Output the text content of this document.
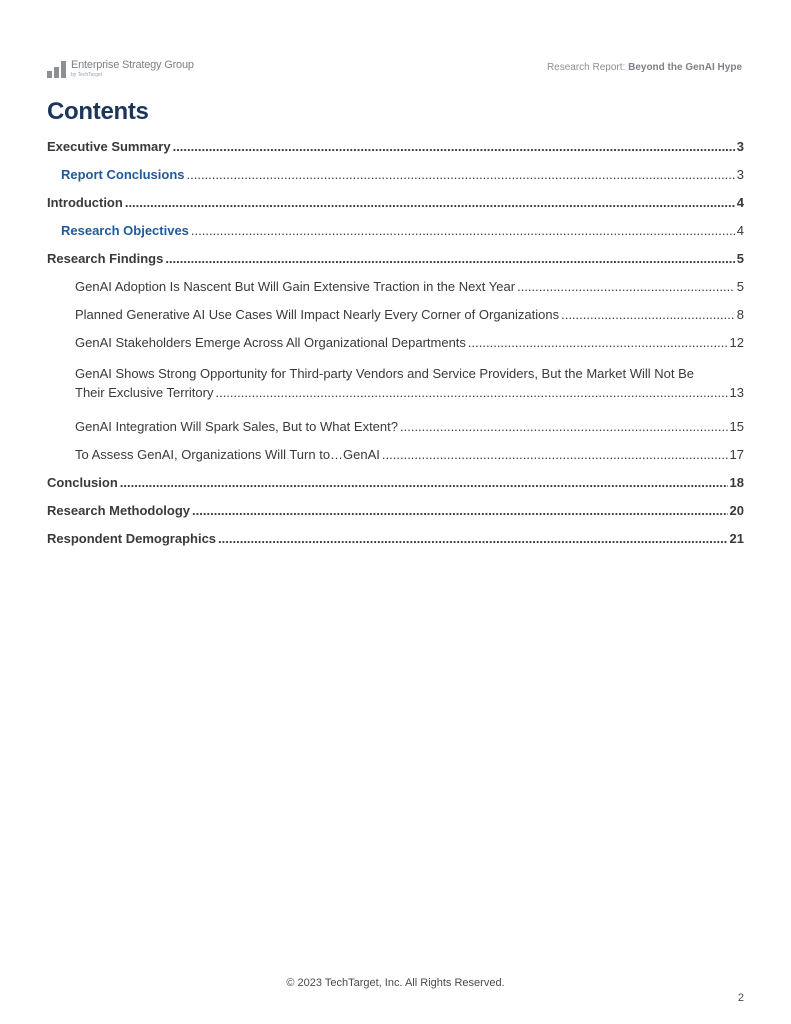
Enterprise Strategy Group
by TechTarget
Research Report: Beyond the GenAI Hype
Contents
Executive Summary .....	3
Report Conclusions .....	3
Introduction .....	4
Research Objectives .....	4
Research Findings .....	5
GenAI Adoption Is Nascent But Will Gain Extensive Traction in the Next Year .....	5
Planned Generative AI Use Cases Will Impact Nearly Every Corner of Organizations .....	8
GenAI Stakeholders Emerge Across All Organizational Departments .....	12
GenAI Shows Strong Opportunity for Third-party Vendors and Service Providers, But the Market Will Not Be
Their Exclusive Territory .....	13
GenAI Integration Will Spark Sales, But to What Extent? .....	15
To Assess GenAI, Organizations Will Turn to…GenAI .....	17
Conclusion .....	18
Research Methodology .....	20
Respondent Demographics .....	21
© 2023 TechTarget, Inc. All Rights Reserved.
2
